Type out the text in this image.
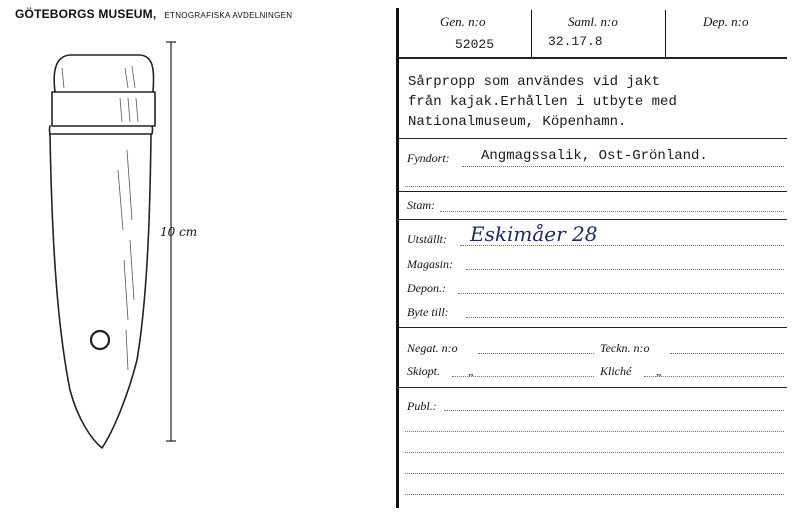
GÖTEBORGS MUSEUM, ETNOGRAFISKA AVDELNINGEN
10 cm
Gen. n:o	Saml. n:o	Dep. n:o
52025	32.17.8
Sårpropp som användes vid jakt
från kajak.Erhållen i utbyte med
Nationalmuseum, Köpenhamn.
Fyndort: Angmagssalik, Ost-Grönland.
Stam:
Utställt: Eskimåer 28
Magasin:
Depon.:
Byte till:
Negat. n:o	Teckn. n:o
Skiopt. „	Kliché „
Publ.:
